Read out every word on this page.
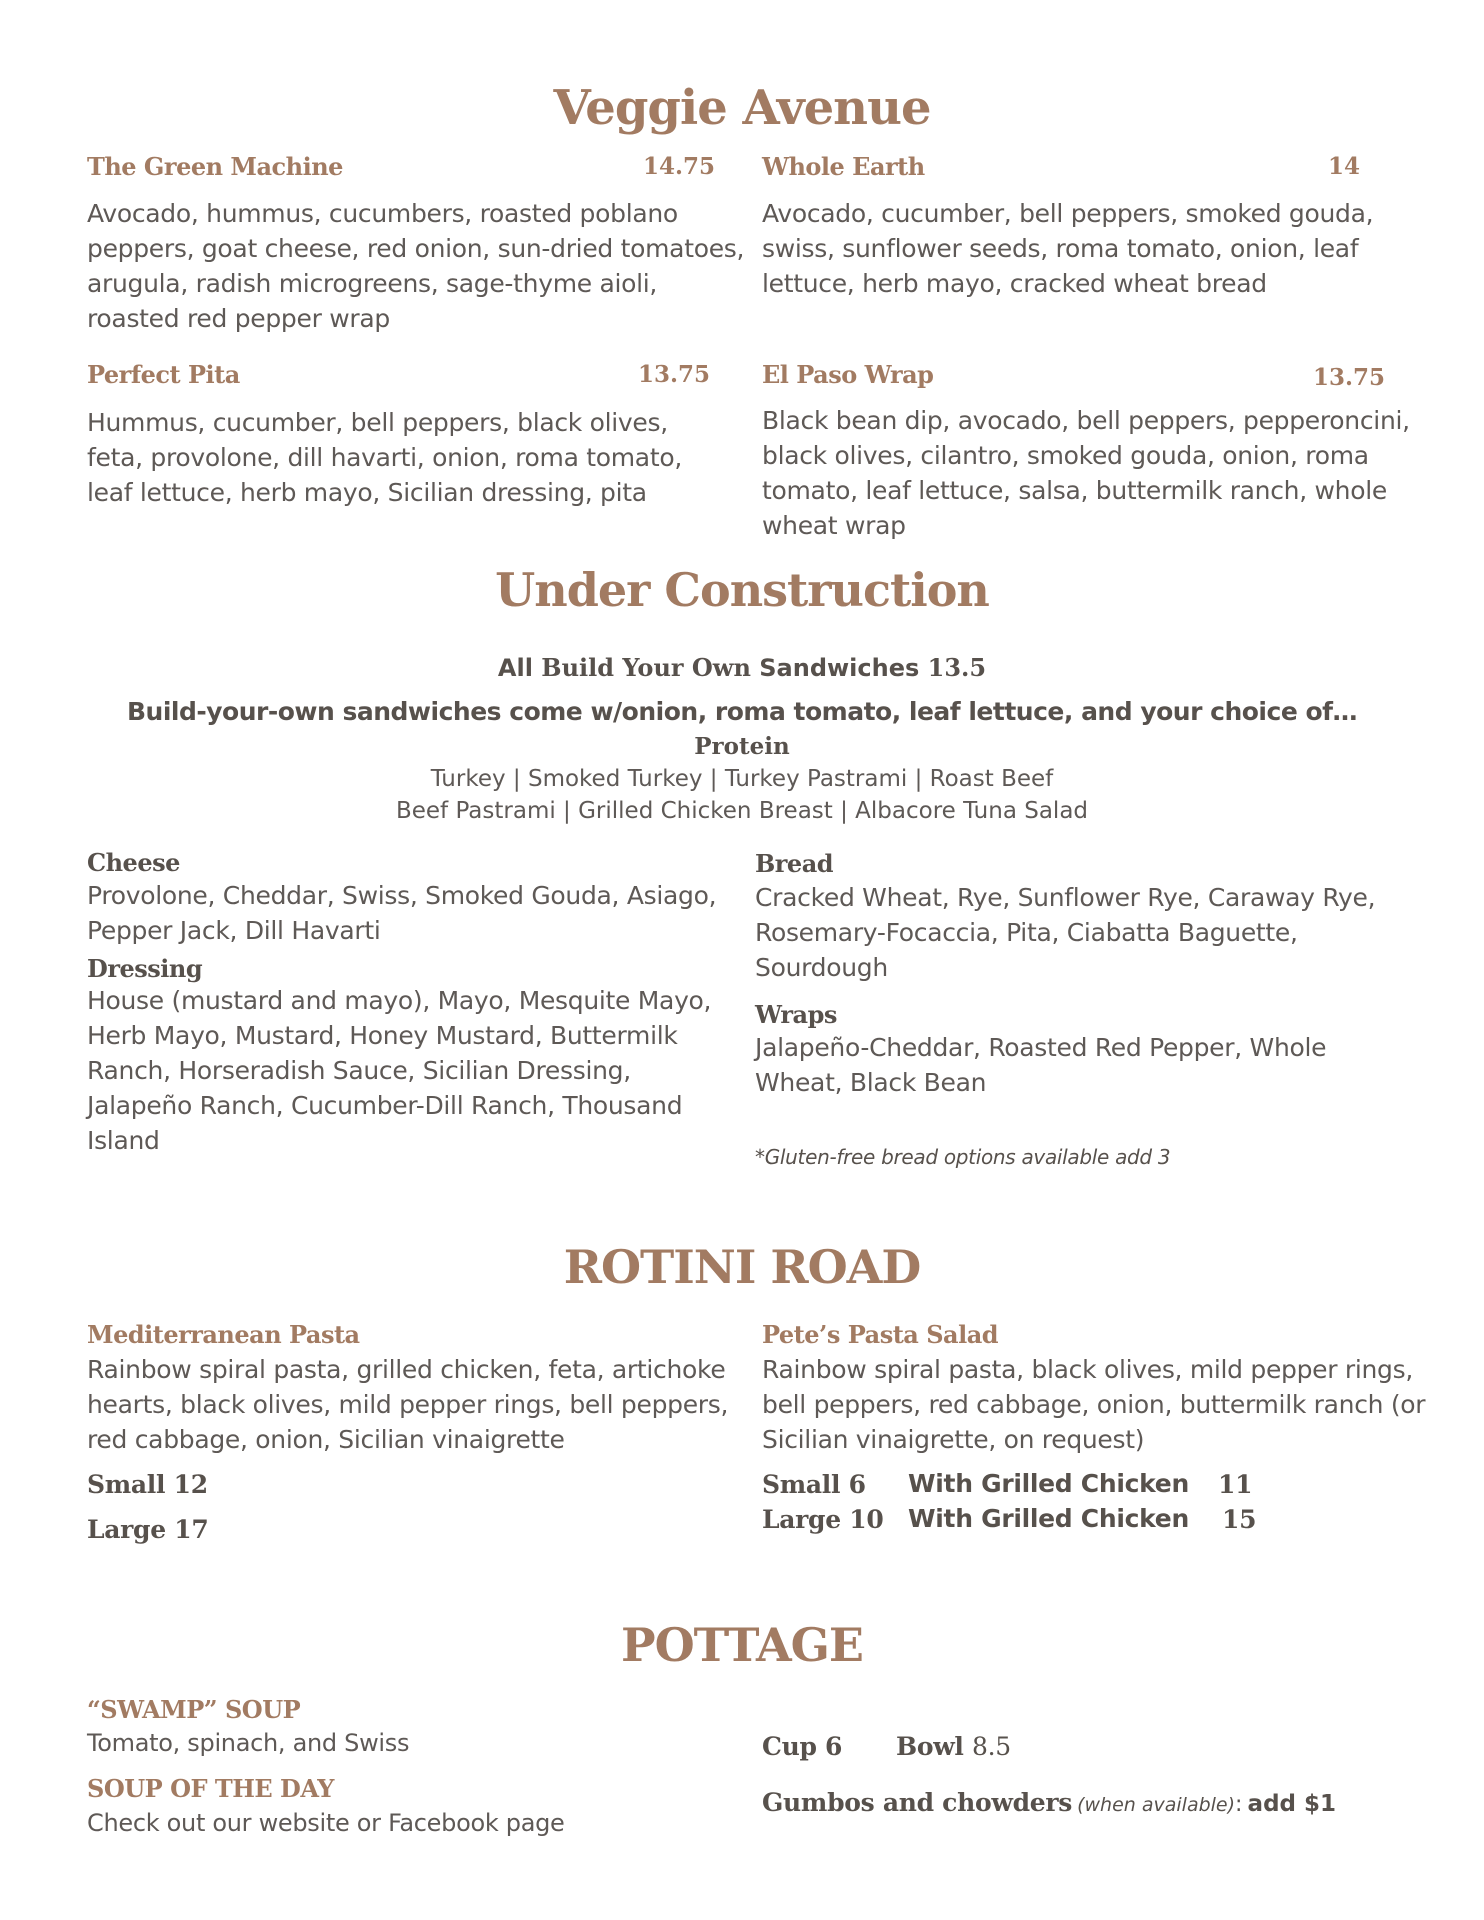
Veggie Avenue
The Green Machine	14.75
Avocado, hummus, cucumbers, roasted poblano
peppers, goat cheese, red onion, sun-dried tomatoes,
arugula, radish microgreens, sage-thyme aioli,
roasted red pepper wrap
Whole Earth	14
Avocado, cucumber, bell peppers, smoked gouda,
swiss, sunflower seeds, roma tomato, onion, leaf
lettuce, herb mayo, cracked wheat bread
Perfect Pita	13.75
Hummus, cucumber, bell peppers, black olives,
feta, provolone, dill havarti, onion, roma tomato,
leaf lettuce, herb mayo, Sicilian dressing, pita
El Paso Wrap	13.75
Black bean dip, avocado, bell peppers, pepperoncini,
black olives, cilantro, smoked gouda, onion, roma
tomato, leaf lettuce, salsa, buttermilk ranch, whole
wheat wrap
Under Construction
All Build Your Own Sandwiches 13.5
Build-your-own sandwiches come w/onion, roma tomato, leaf lettuce, and your choice of…
Protein
Turkey | Smoked Turkey | Turkey Pastrami | Roast Beef
Beef Pastrami | Grilled Chicken Breast | Albacore Tuna Salad
Cheese
Provolone, Cheddar, Swiss, Smoked Gouda, Asiago,
Pepper Jack, Dill Havarti
Dressing
House (mustard and mayo), Mayo, Mesquite Mayo,
Herb Mayo, Mustard, Honey Mustard, Buttermilk
Ranch, Horseradish Sauce, Sicilian Dressing,
Jalapeño Ranch, Cucumber-Dill Ranch, Thousand
Island
Bread
Cracked Wheat, Rye, Sunflower Rye, Caraway Rye,
Rosemary-Focaccia, Pita, Ciabatta Baguette,
Sourdough
Wraps
Jalapeño-Cheddar, Roasted Red Pepper, Whole
Wheat, Black Bean
*Gluten-free bread options available add 3
ROTINI ROAD
Mediterranean Pasta
Rainbow spiral pasta, grilled chicken, feta, artichoke
hearts, black olives, mild pepper rings, bell peppers,
red cabbage, onion, Sicilian vinaigrette
Small 12
Large 17
Pete’s Pasta Salad
Rainbow spiral pasta, black olives, mild pepper rings,
bell peppers, red cabbage, onion, buttermilk ranch (or
Sicilian vinaigrette, on request)
Small 6 With Grilled Chicken 11
Large 10 With Grilled Chicken 15
POTTAGE
“SWAMP” SOUP
Tomato, spinach, and Swiss
SOUP OF THE DAY
Check out our website or Facebook page
Cup 6 Bowl 8.5
Gumbos and chowders (when available): add $1
